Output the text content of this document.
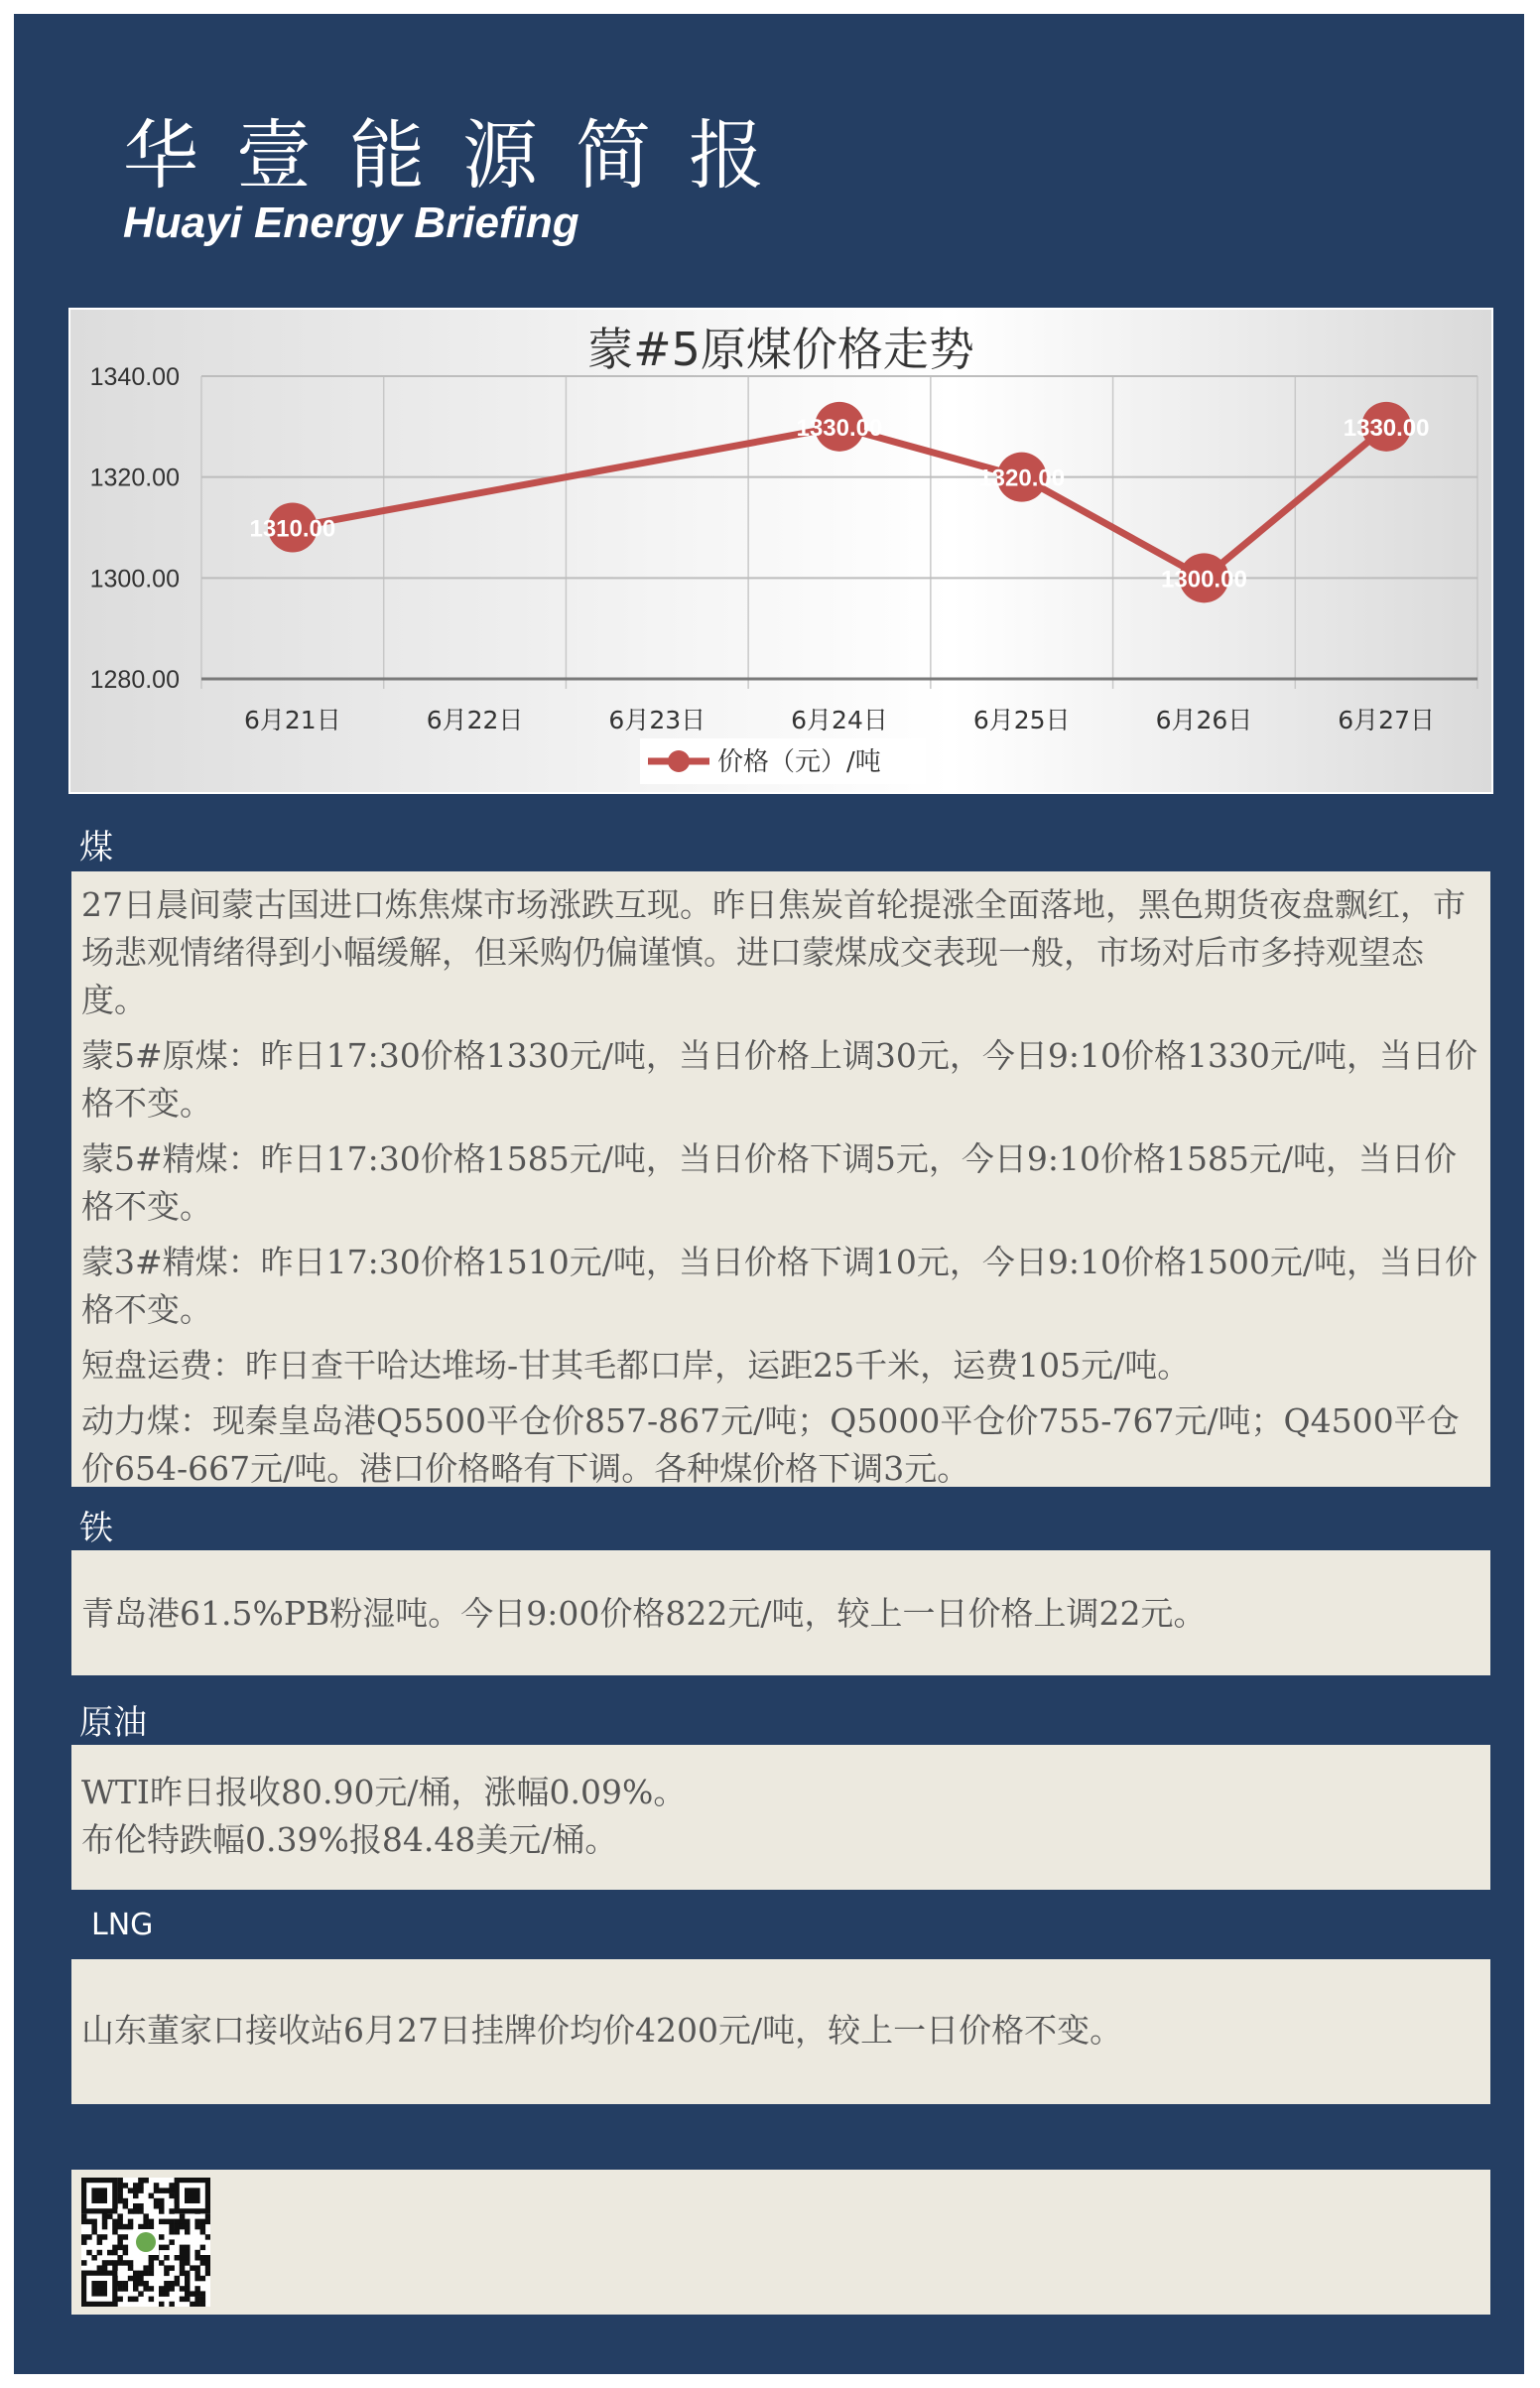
华壹能源简报
Huayi Energy Briefing
1340.00
1320.00
1300.00
1280.00
6月21日	6月22日	6月23日	6月24日	6月25日	6月26日	6月27日
蒙#5原煤价格走势
1310.00
1330.00
1320.00
1300.00
1330.00
价格（元）/吨
煤

27日晨间蒙古国进口炼焦煤市场涨跌互现。昨日焦炭首轮提涨全面落地，黑色期货夜盘飘红，市场悲观情绪得到小幅缓解，但采购仍偏谨慎。进口蒙煤成交表现一般，市场对后市多持观望态度。

蒙5#原煤：昨日17:30价格1330元/吨，当日价格上调30元，今日9:10价格1330元/吨，当日价格不变。

蒙5#精煤：昨日17:30价格1585元/吨，当日价格下调5元，今日9:10价格1585元/吨，当日价格不变。

蒙3#精煤：昨日17:30价格1510元/吨，当日价格下调10元，今日9:10价格1500元/吨，当日价格不变。

短盘运费：昨日查干哈达堆场-甘其毛都口岸，运距25千米，运费105元/吨。

动力煤：现秦皇岛港Q5500平仓价857-867元/吨；Q5000平仓价755-767元/吨；Q4500平仓价654-667元/吨。港口价格略有下调。各种煤价格下调3元。

铁

青岛港61.5%PB粉湿吨。今日9:00价格822元/吨，较上一日价格上调22元。

原油

WTI昨日报收80.90元/桶，涨幅0.09%。

布伦特跌幅0.39%报84.48美元/桶。

LNG

山东董家口接收站6月27日挂牌价均价4200元/吨，较上一日价格不变。
